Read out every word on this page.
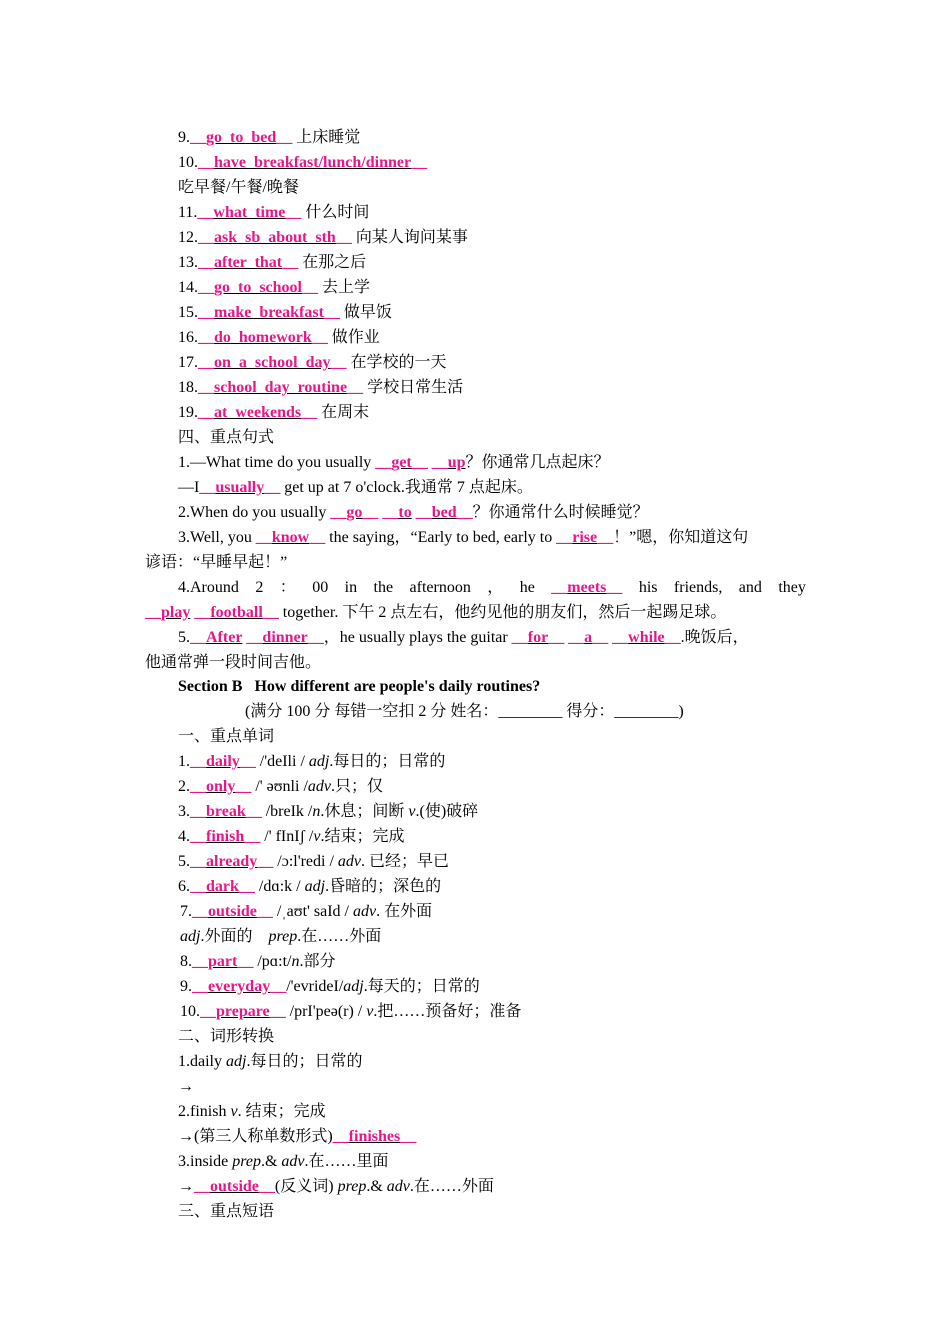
9.__go  to  bed__ 上床睡觉
10.__have  breakfast/lunch/dinner__
吃早餐/午餐/晚餐
11.__what  time__ 什么时间
12.__ask  sb  about  sth__ 向某人询问某事
13.__after  that__ 在那之后
14.__go  to  school__ 去上学
15.__make  breakfast__ 做早饭
16.__do  homework__ 做作业
17.__on  a  school  day__ 在学校的一天
18.__school  day  routine__ 学校日常生活
19.__at  weekends__ 在周末
四、重点句式
1.—What time do you usually __get__ __up？你通常几点起床？
—I__usually__ get up at 7 o'clock.我通常 7 点起床。
2.When do you usually __go__ __to __bed__？你通常什么时候睡觉？
3.Well, you __know__ the saying，“Early to bed, early to __rise__！”嗯，你知道这句
谚语：“早睡早起！”
4.Around 2 ： 00 in the afternoon ， he __meets__ his friends, and they
__play __football__ together. 下午 2 点左右，他约见他的朋友们，然后一起踢足球。
5.__After __dinner__，he usually plays the guitar __for__ __a__ __while__.晚饭后，
他通常弹一段时间吉他。
Section B How different are people's daily routines?
(满分 100 分 每错一空扣 2 分 姓名：________ 得分：________)
一、重点单词
1.__daily__ /'deIli / adj.每日的；日常的
2.__only__ /' əʊnli /adv.只；仅
3.__break__ /breIk /n.休息；间断 v.(使)破碎
4.__finish__ /' fInIʃ /v.结束；完成
5.__already__ /ɔ:l'redi / adv. 已经；早已
6.__dark__ /dɑ:k / adj.昏暗的；深色的
7.__outside__ /ˌaʊt' saId / adv. 在外面
adj.外面的 prep.在……外面
8.__part__ /pɑ:t/n.部分
9.__everyday__/'evrideI/adj.每天的；日常的
10.__prepare__ /prI'peə(r) / v.把……预备好；准备
二、词形转换
1.daily adj.每日的；日常的
→
2.finish v. 结束；完成
→(第三人称单数形式)__finishes__
3.inside prep.& adv.在……里面
→__outside__(反义词) prep.& adv.在……外面
三、重点短语
